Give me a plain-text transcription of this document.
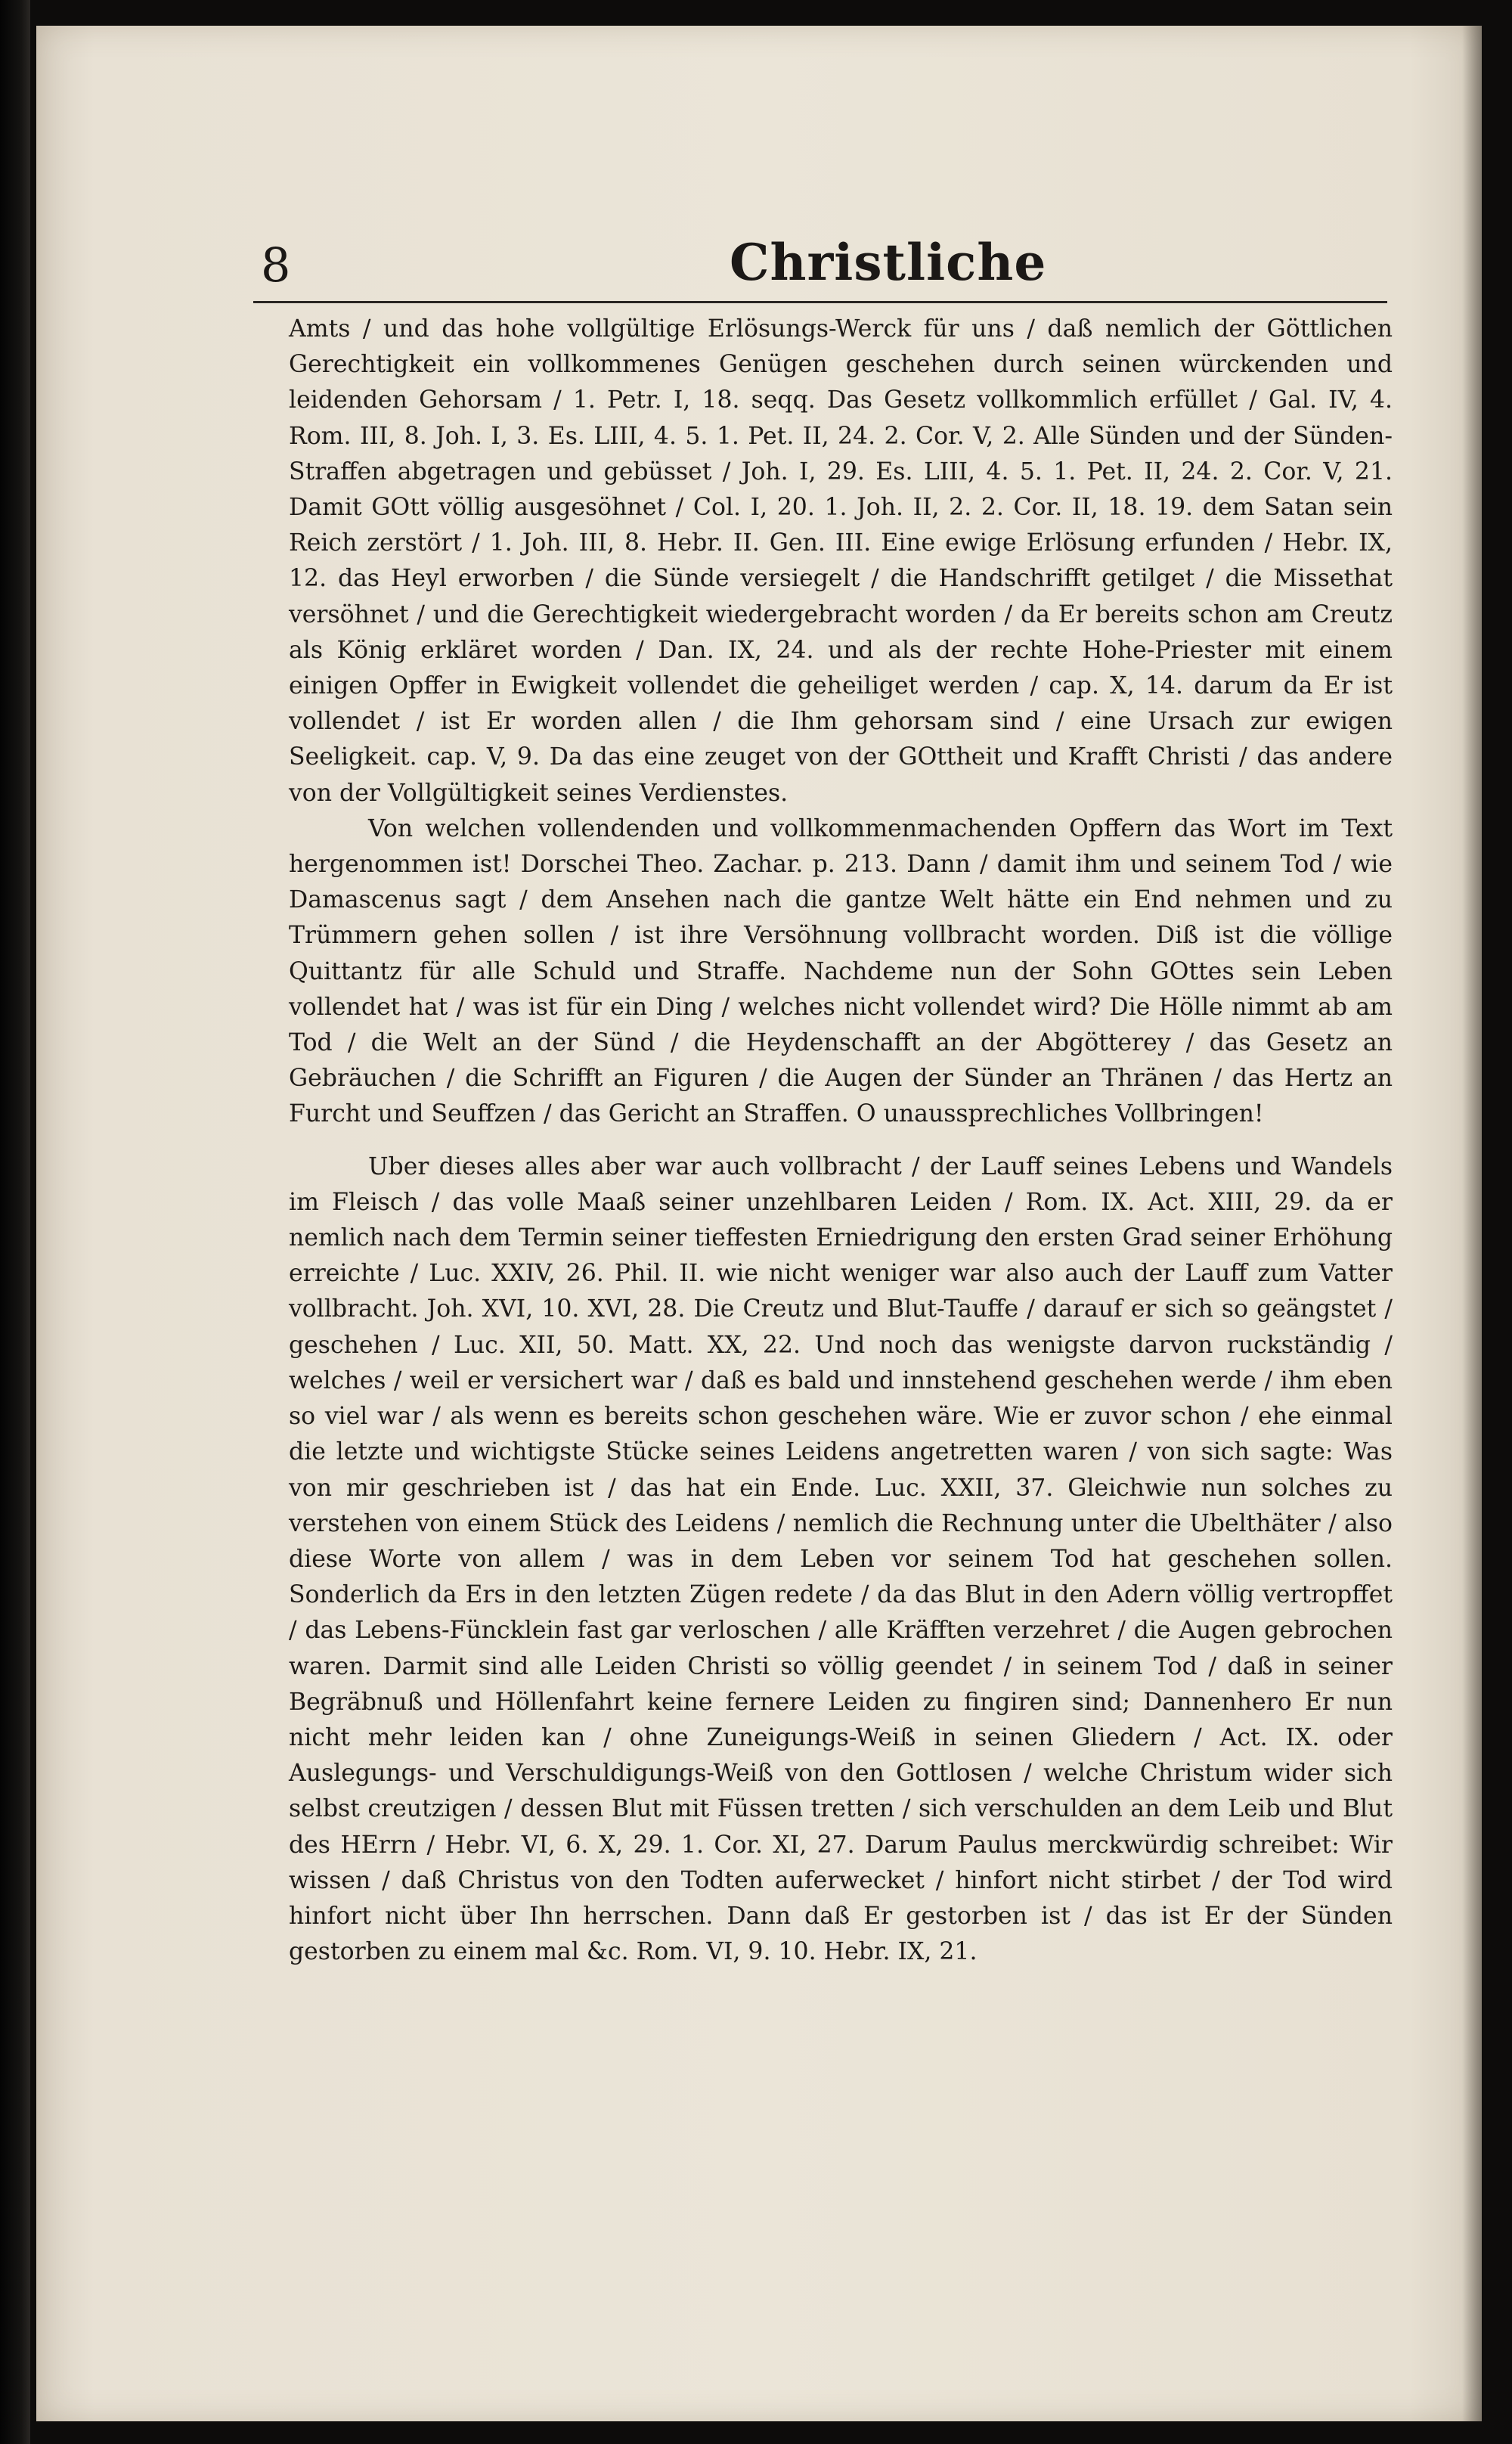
8	Christliche

Amts / und das hohe vollgültige Erlösungs-Werck für uns / daß nemlich der Göttlichen Gerechtigkeit ein vollkommenes Genügen geschehen durch seinen würckenden und leidenden Gehorsam / 1. Petr. I, 18. seqq. Das Gesetz vollkommlich erfüllet / Gal. IV, 4. Rom. III, 8. Joh. I, 3. Es. LIII, 4. 5. 1. Pet. II, 24. 2. Cor. V, 2. Alle Sünden und der Sünden-Straffen abgetragen und gebüsset / Joh. I, 29. Es. LIII, 4. 5. 1. Pet. II, 24. 2. Cor. V, 21. Damit GOtt völlig ausgesöhnet / Col. I, 20. 1. Joh. II, 2. 2. Cor. II, 18. 19. dem Satan sein Reich zerstört / 1. Joh. III, 8. Hebr. II. Gen. III. Eine ewige Erlösung erfunden / Hebr. IX, 12. das Heyl erworben / die Sünde versiegelt / die Handschrifft getilget / die Missethat versöhnet / und die Gerechtigkeit wiedergebracht worden / da Er bereits schon am Creutz als König erkläret worden / Dan. IX, 24. und als der rechte Hohe-Priester mit einem einigen Opffer in Ewigkeit vollendet die geheiliget werden / cap. X, 14. darum da Er ist vollendet / ist Er worden allen / die Ihm gehorsam sind / eine Ursach zur ewigen Seeligkeit. cap. V, 9. Da das eine zeuget von der GOttheit und Krafft Christi / das andere von der Vollgültigkeit seines Verdienstes.

Von welchen vollendenden und vollkommenmachenden Opffern das Wort im Text hergenommen ist! Dorschei Theo. Zachar. p. 213. Dann / damit ihm und seinem Tod / wie Damascenus sagt / dem Ansehen nach die gantze Welt hätte ein End nehmen und zu Trümmern gehen sollen / ist ihre Versöhnung vollbracht worden. Diß ist die völlige Quittantz für alle Schuld und Straffe. Nachdeme nun der Sohn GOttes sein Leben vollendet hat / was ist für ein Ding / welches nicht vollendet wird? Die Hölle nimmt ab am Tod / die Welt an der Sünd / die Heydenschafft an der Abgötterey / das Gesetz an Gebräuchen / die Schrifft an Figuren / die Augen der Sünder an Thränen / das Hertz an Furcht und Seuffzen / das Gericht an Straffen. O unaussprechliches Vollbringen!

Uber dieses alles aber war auch vollbracht / der Lauff seines Lebens und Wandels im Fleisch / das volle Maaß seiner unzehlbaren Leiden / Rom. IX. Act. XIII, 29. da er nemlich nach dem Termin seiner tieffesten Erniedrigung den ersten Grad seiner Erhöhung erreichte / Luc. XXIV, 26. Phil. II. wie nicht weniger war also auch der Lauff zum Vatter vollbracht. Joh. XVI, 10. XVI, 28. Die Creutz und Blut-Tauffe / darauf er sich so geängstet / geschehen / Luc. XII, 50. Matt. XX, 22. Und noch das wenigste darvon ruckständig / welches / weil er versichert war / daß es bald und innstehend geschehen werde / ihm eben so viel war / als wenn es bereits schon geschehen wäre. Wie er zuvor schon / ehe einmal die letzte und wichtigste Stücke seines Leidens angetretten waren / von sich sagte: Was von mir geschrieben ist / das hat ein Ende. Luc. XXII, 37. Gleichwie nun solches zu verstehen von einem Stück des Leidens / nemlich die Rechnung unter die Ubelthäter / also diese Worte von allem / was in dem Leben vor seinem Tod hat geschehen sollen. Sonderlich da Ers in den letzten Zügen redete / da das Blut in den Adern völlig vertropffet / das Lebens-Füncklein fast gar verloschen / alle Kräfften verzehret / die Augen gebrochen waren. Darmit sind alle Leiden Christi so völlig geendet / in seinem Tod / daß in seiner Begräbnuß und Höllenfahrt keine fernere Leiden zu fingiren sind; Dannenhero Er nun nicht mehr leiden kan / ohne Zuneigungs-Weiß in seinen Gliedern / Act. IX. oder Auslegungs- und Verschuldigungs-Weiß von den Gottlosen / welche Christum wider sich selbst creutzigen / dessen Blut mit Füssen tretten / sich verschulden an dem Leib und Blut des HErrn / Hebr. VI, 6. X, 29. 1. Cor. XI, 27. Darum Paulus merckwürdig schreibet: Wir wissen / daß Christus von den Todten auferwecket / hinfort nicht stirbet / der Tod wird hinfort nicht über Ihn herrschen. Dann daß Er gestorben ist / das ist Er der Sünden gestorben zu einem mal &c. Rom. VI, 9. 10. Hebr. IX, 21.
